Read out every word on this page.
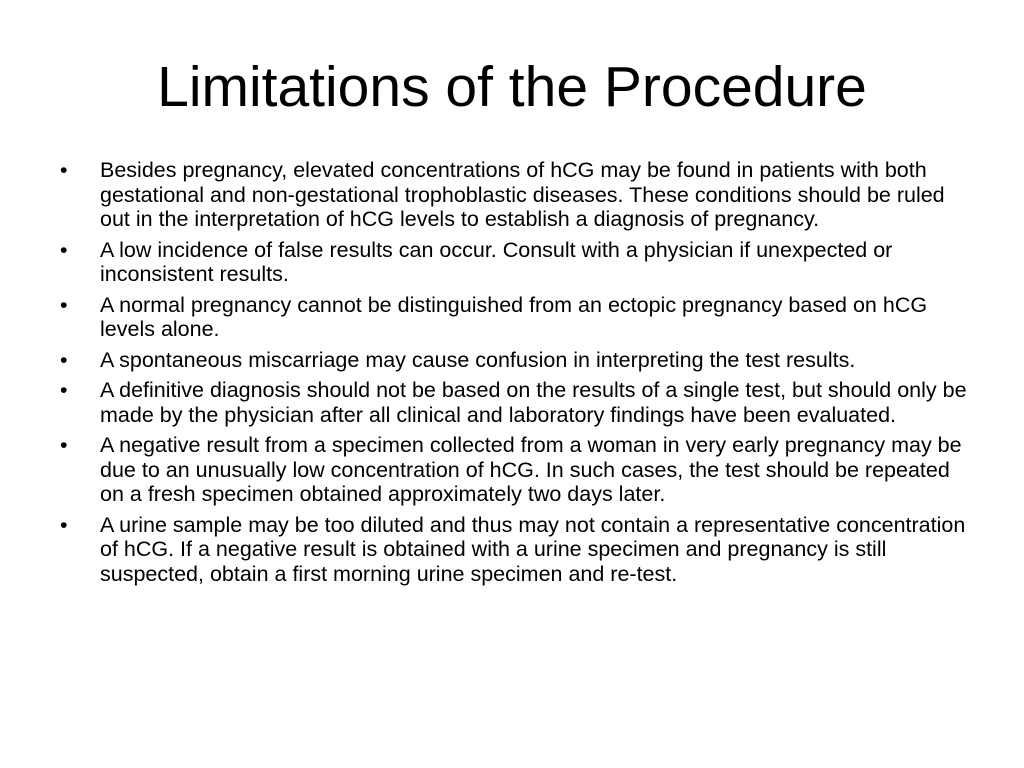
Limitations of the Procedure
•	Besides pregnancy, elevated concentrations of hCG may be found in patients with both gestational and non-gestational trophoblastic diseases. These conditions should be ruled out in the interpretation of hCG levels to establish a diagnosis of pregnancy.
•	A low incidence of false results can occur. Consult with a physician if unexpected or inconsistent results.
•	A normal pregnancy cannot be distinguished from an ectopic pregnancy based on hCG levels alone.
•	A spontaneous miscarriage may cause confusion in interpreting the test results.
•	A definitive diagnosis should not be based on the results of a single test, but should only be made by the physician after all clinical and laboratory findings have been evaluated.
•	A negative result from a specimen collected from a woman in very early pregnancy may be due to an unusually low concentration of hCG. In such cases, the test should be repeated on a fresh specimen obtained approximately two days later.
•	A urine sample may be too diluted and thus may not contain a representative concentration of hCG. If a negative result is obtained with a urine specimen and pregnancy is still suspected, obtain a first morning urine specimen and re-test.
